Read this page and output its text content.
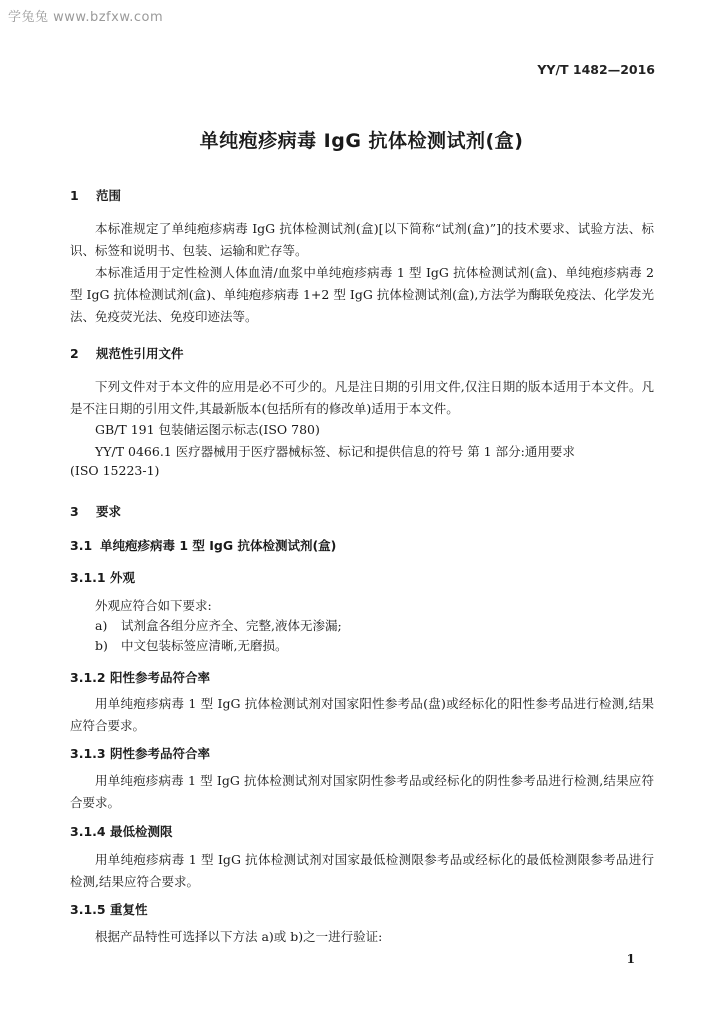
学兔兔 www.bzfxw.com
YY/T 1482—2016
单纯疱疹病毒 IgG 抗体检测试剂(盒)
1 范围
本标准规定了单纯疱疹病毒 IgG 抗体检测试剂(盒)[以下简称“试剂(盒)”]的技术要求、试验方法、标识、标签和说明书、包装、运输和贮存等。
本标准适用于定性检测人体血清/血浆中单纯疱疹病毒 1 型 IgG 抗体检测试剂(盒)、单纯疱疹病毒 2 型 IgG 抗体检测试剂(盒)、单纯疱疹病毒 1+2 型 IgG 抗体检测试剂(盒),方法学为酶联免疫法、化学发光法、免疫荧光法、免疫印迹法等。
2 规范性引用文件
下列文件对于本文件的应用是必不可少的。凡是注日期的引用文件,仅注日期的版本适用于本文件。凡是不注日期的引用文件,其最新版本(包括所有的修改单)适用于本文件。
GB/T 191 包装储运图示标志(ISO 780)
YY/T 0466.1 医疗器械用于医疗器械标签、标记和提供信息的符号 第 1 部分:通用要求
(ISO 15223-1)
3 要求
3.1 单纯疱疹病毒 1 型 IgG 抗体检测试剂(盒)
3.1.1 外观
外观应符合如下要求:
a) 试剂盒各组分应齐全、完整,液体无渗漏;
b) 中文包装标签应清晰,无磨损。
3.1.2 阳性参考品符合率
用单纯疱疹病毒 1 型 IgG 抗体检测试剂对国家阳性参考品(盘)或经标化的阳性参考品进行检测,结果应符合要求。
3.1.3 阴性参考品符合率
用单纯疱疹病毒 1 型 IgG 抗体检测试剂对国家阴性参考品或经标化的阴性参考品进行检测,结果应符合要求。
3.1.4 最低检测限
用单纯疱疹病毒 1 型 IgG 抗体检测试剂对国家最低检测限参考品或经标化的最低检测限参考品进行检测,结果应符合要求。
3.1.5 重复性
根据产品特性可选择以下方法 a)或 b)之一进行验证:
1
